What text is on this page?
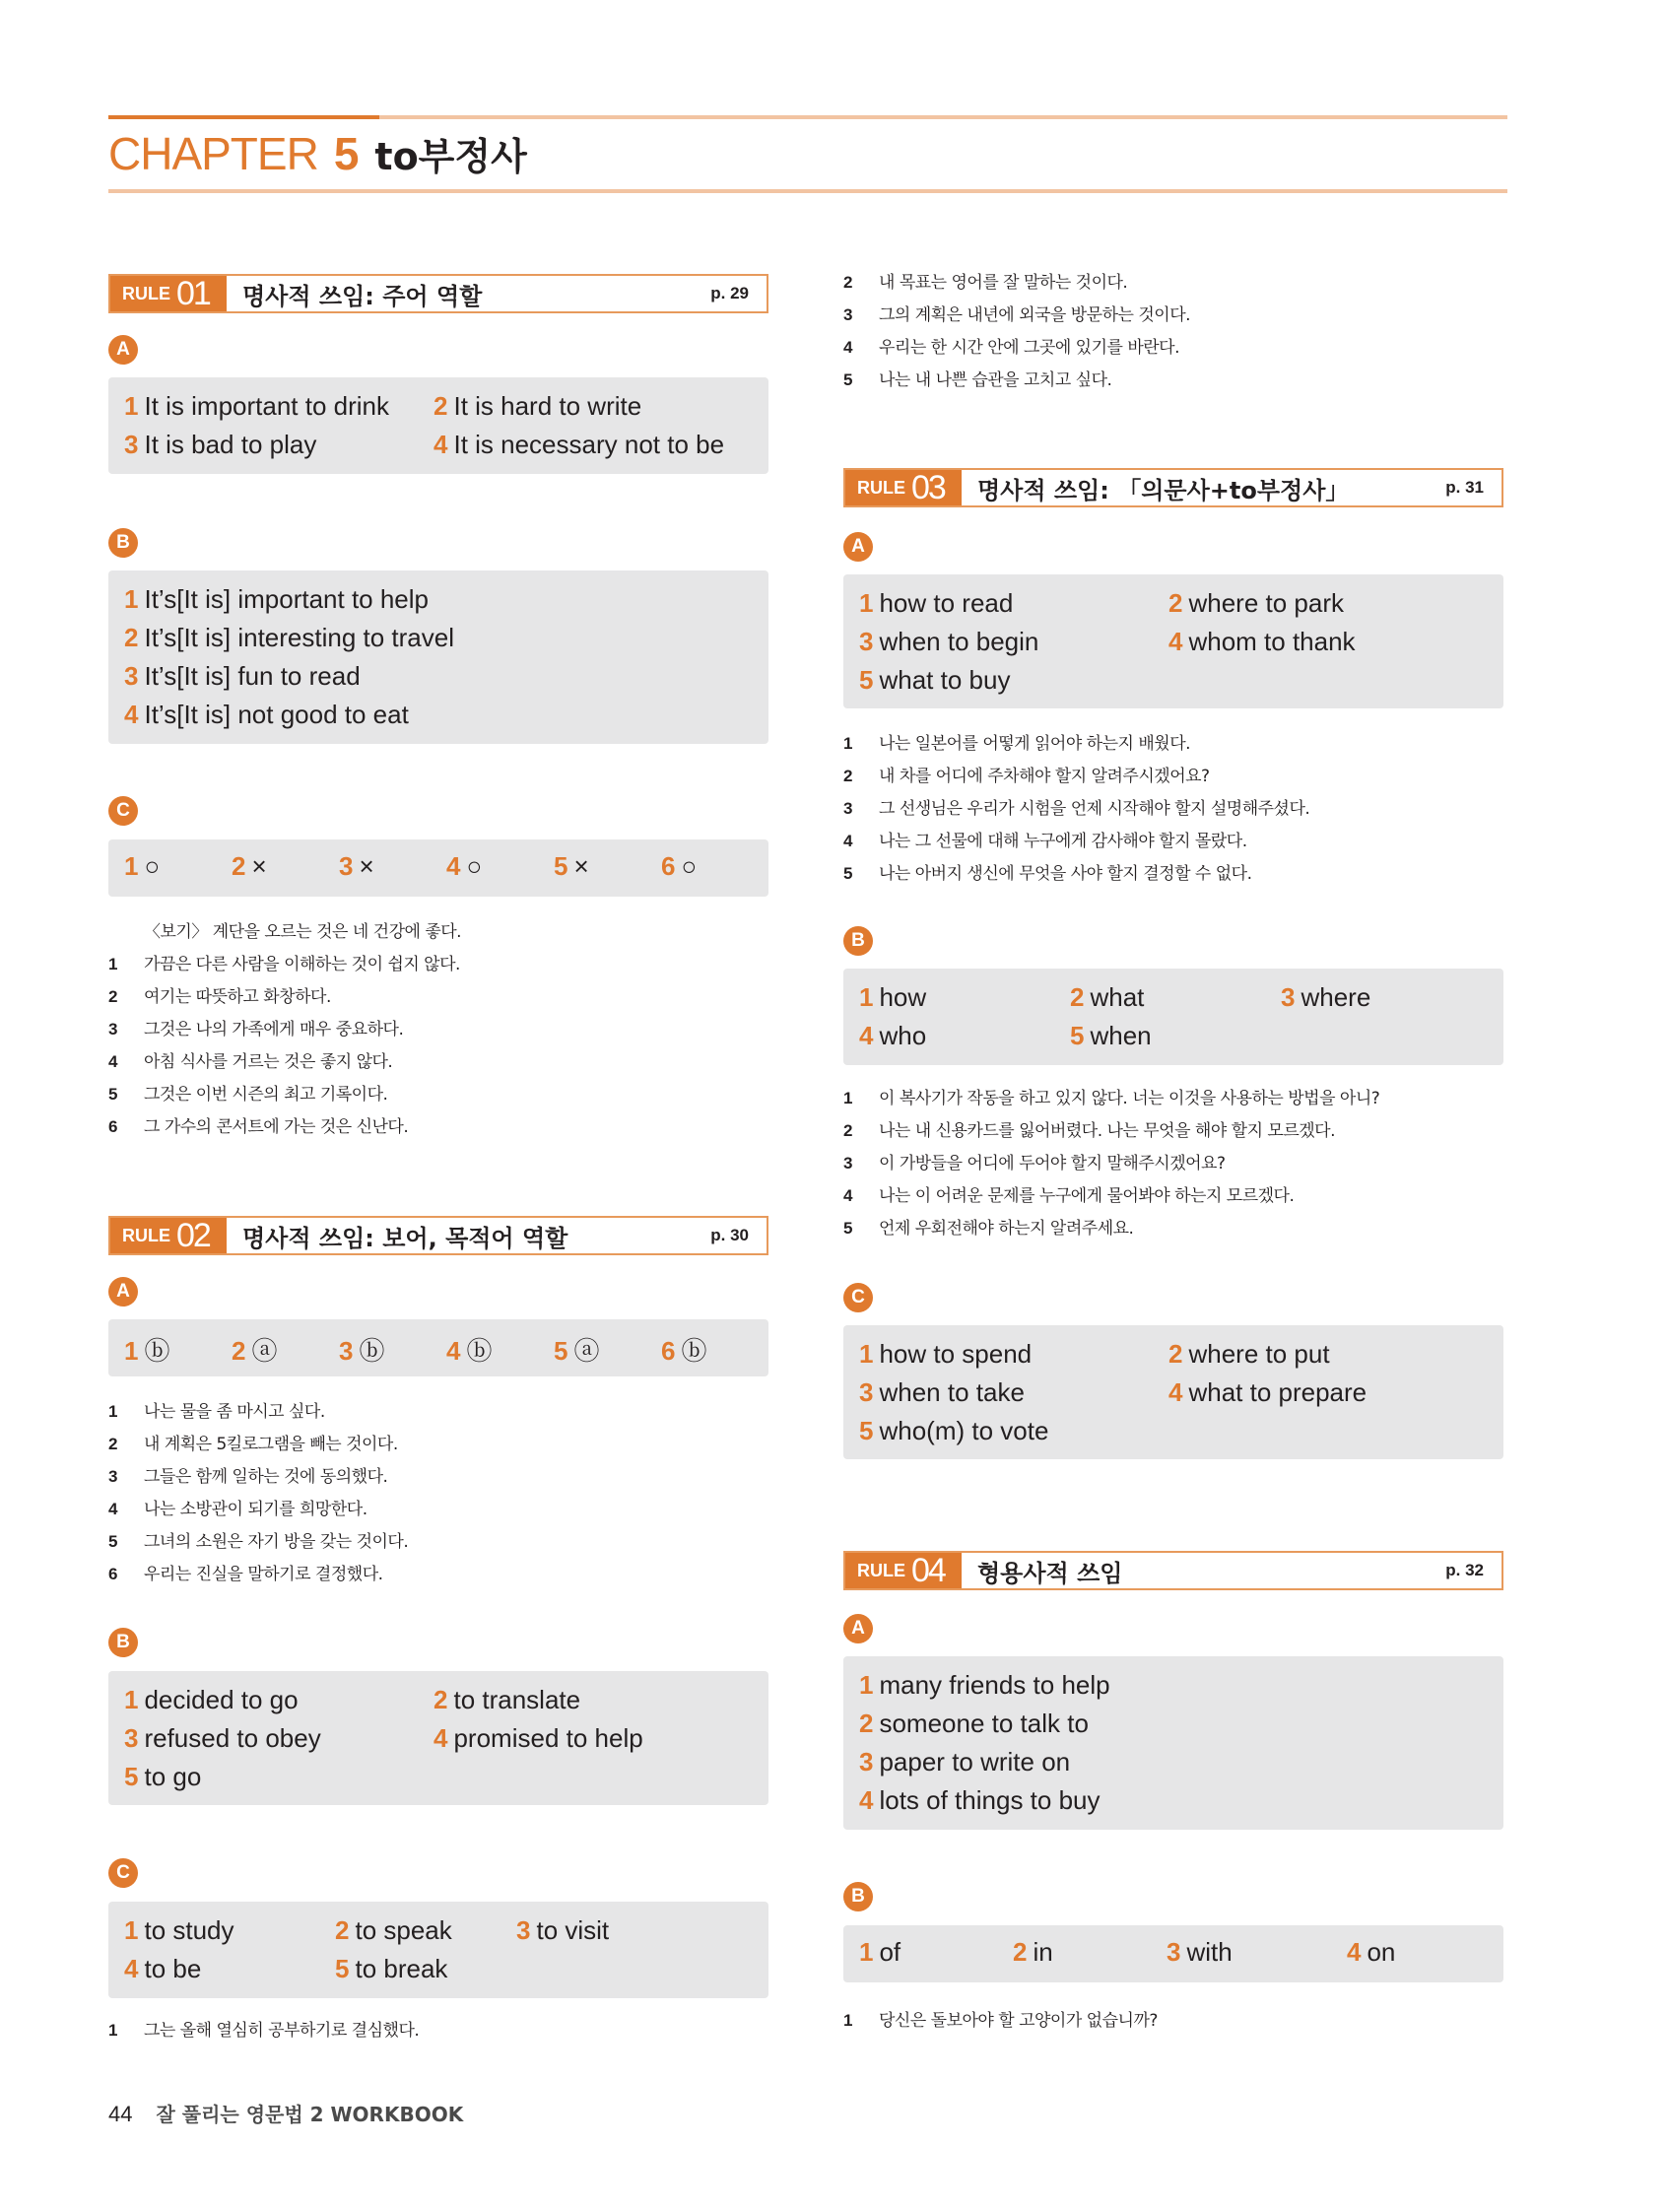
CHAPTER 5 to부정사
RULE 01 명사적 쓰임: 주어 역할	p. 29
A
1 It is important to drink 2 It is hard to write
3 It is bad to play	4 It is necessary not to be
B
1 It’s[It is] important to help
2 It’s[It is] interesting to travel
3 It’s[It is] fun to read
4 It’s[It is] not good to eat
C
1 ○	2 ×	3 ×	4 ○	5 ×	6 ○
〈보기〉 계단을 오르는 것은 네 건강에 좋다.
1 가끔은 다른 사람을 이해하는 것이 쉽지 않다.
2 여기는 따뜻하고 화창하다.
3 그것은 나의 가족에게 매우 중요하다.
4 아침 식사를 거르는 것은 좋지 않다.
5 그것은 이번 시즌의 최고 기록이다.
6 그 가수의 콘서트에 가는 것은 신난다.
RULE 02 명사적 쓰임: 보어, 목적어 역할	p. 30
A
1 ⓑ 2 ⓐ 3 ⓑ 4 ⓑ 5 ⓐ 6 ⓑ
1 나는 물을 좀 마시고 싶다.
2 내 계획은 5킬로그램을 빼는 것이다.
3 그들은 함께 일하는 것에 동의했다.
4 나는 소방관이 되기를 희망한다.
5 그녀의 소원은 자기 방을 갖는 것이다.
6 우리는 진실을 말하기로 결정했다.
B
1 decided to go	2 to translate
3 refused to obey	4 promised to help
5 to go
C
1 to study	2 to speak	3 to visit
4 to be	5 to break
1 그는 올해 열심히 공부하기로 결심했다.
2 내 목표는 영어를 잘 말하는 것이다.
3 그의 계획은 내년에 외국을 방문하는 것이다.
4 우리는 한 시간 안에 그곳에 있기를 바란다.
5 나는 내 나쁜 습관을 고치고 싶다.
RULE 03 명사적 쓰임: 「의문사+to부정사」	p. 31
A
1 how to read	2 where to park
3 when to begin	4 whom to thank
5 what to buy
1 나는 일본어를 어떻게 읽어야 하는지 배웠다.
2 내 차를 어디에 주차해야 할지 알려주시겠어요?
3 그 선생님은 우리가 시험을 언제 시작해야 할지 설명해주셨다.
4 나는 그 선물에 대해 누구에게 감사해야 할지 몰랐다.
5 나는 아버지 생신에 무엇을 사야 할지 결정할 수 없다.
B
1 how	2 what	3 where
4 who	5 when
1 이 복사기가 작동을 하고 있지 않다. 너는 이것을 사용하는 방법을 아니?
2 나는 내 신용카드를 잃어버렸다. 나는 무엇을 해야 할지 모르겠다.
3 이 가방들을 어디에 두어야 할지 말해주시겠어요?
4 나는 이 어려운 문제를 누구에게 물어봐야 하는지 모르겠다.
5 언제 우회전해야 하는지 알려주세요.
C
1 how to spend	2 where to put
3 when to take	4 what to prepare
5 who(m) to vote
RULE 04 형용사적 쓰임	p. 32
A
1 many friends to help
2 someone to talk to
3 paper to write on
4 lots of things to buy
B
1 of	2 in	3 with	4 on
1 당신은 돌보아야 할 고양이가 없습니까?
44 잘 풀리는 영문법 2 WORKBOOK
